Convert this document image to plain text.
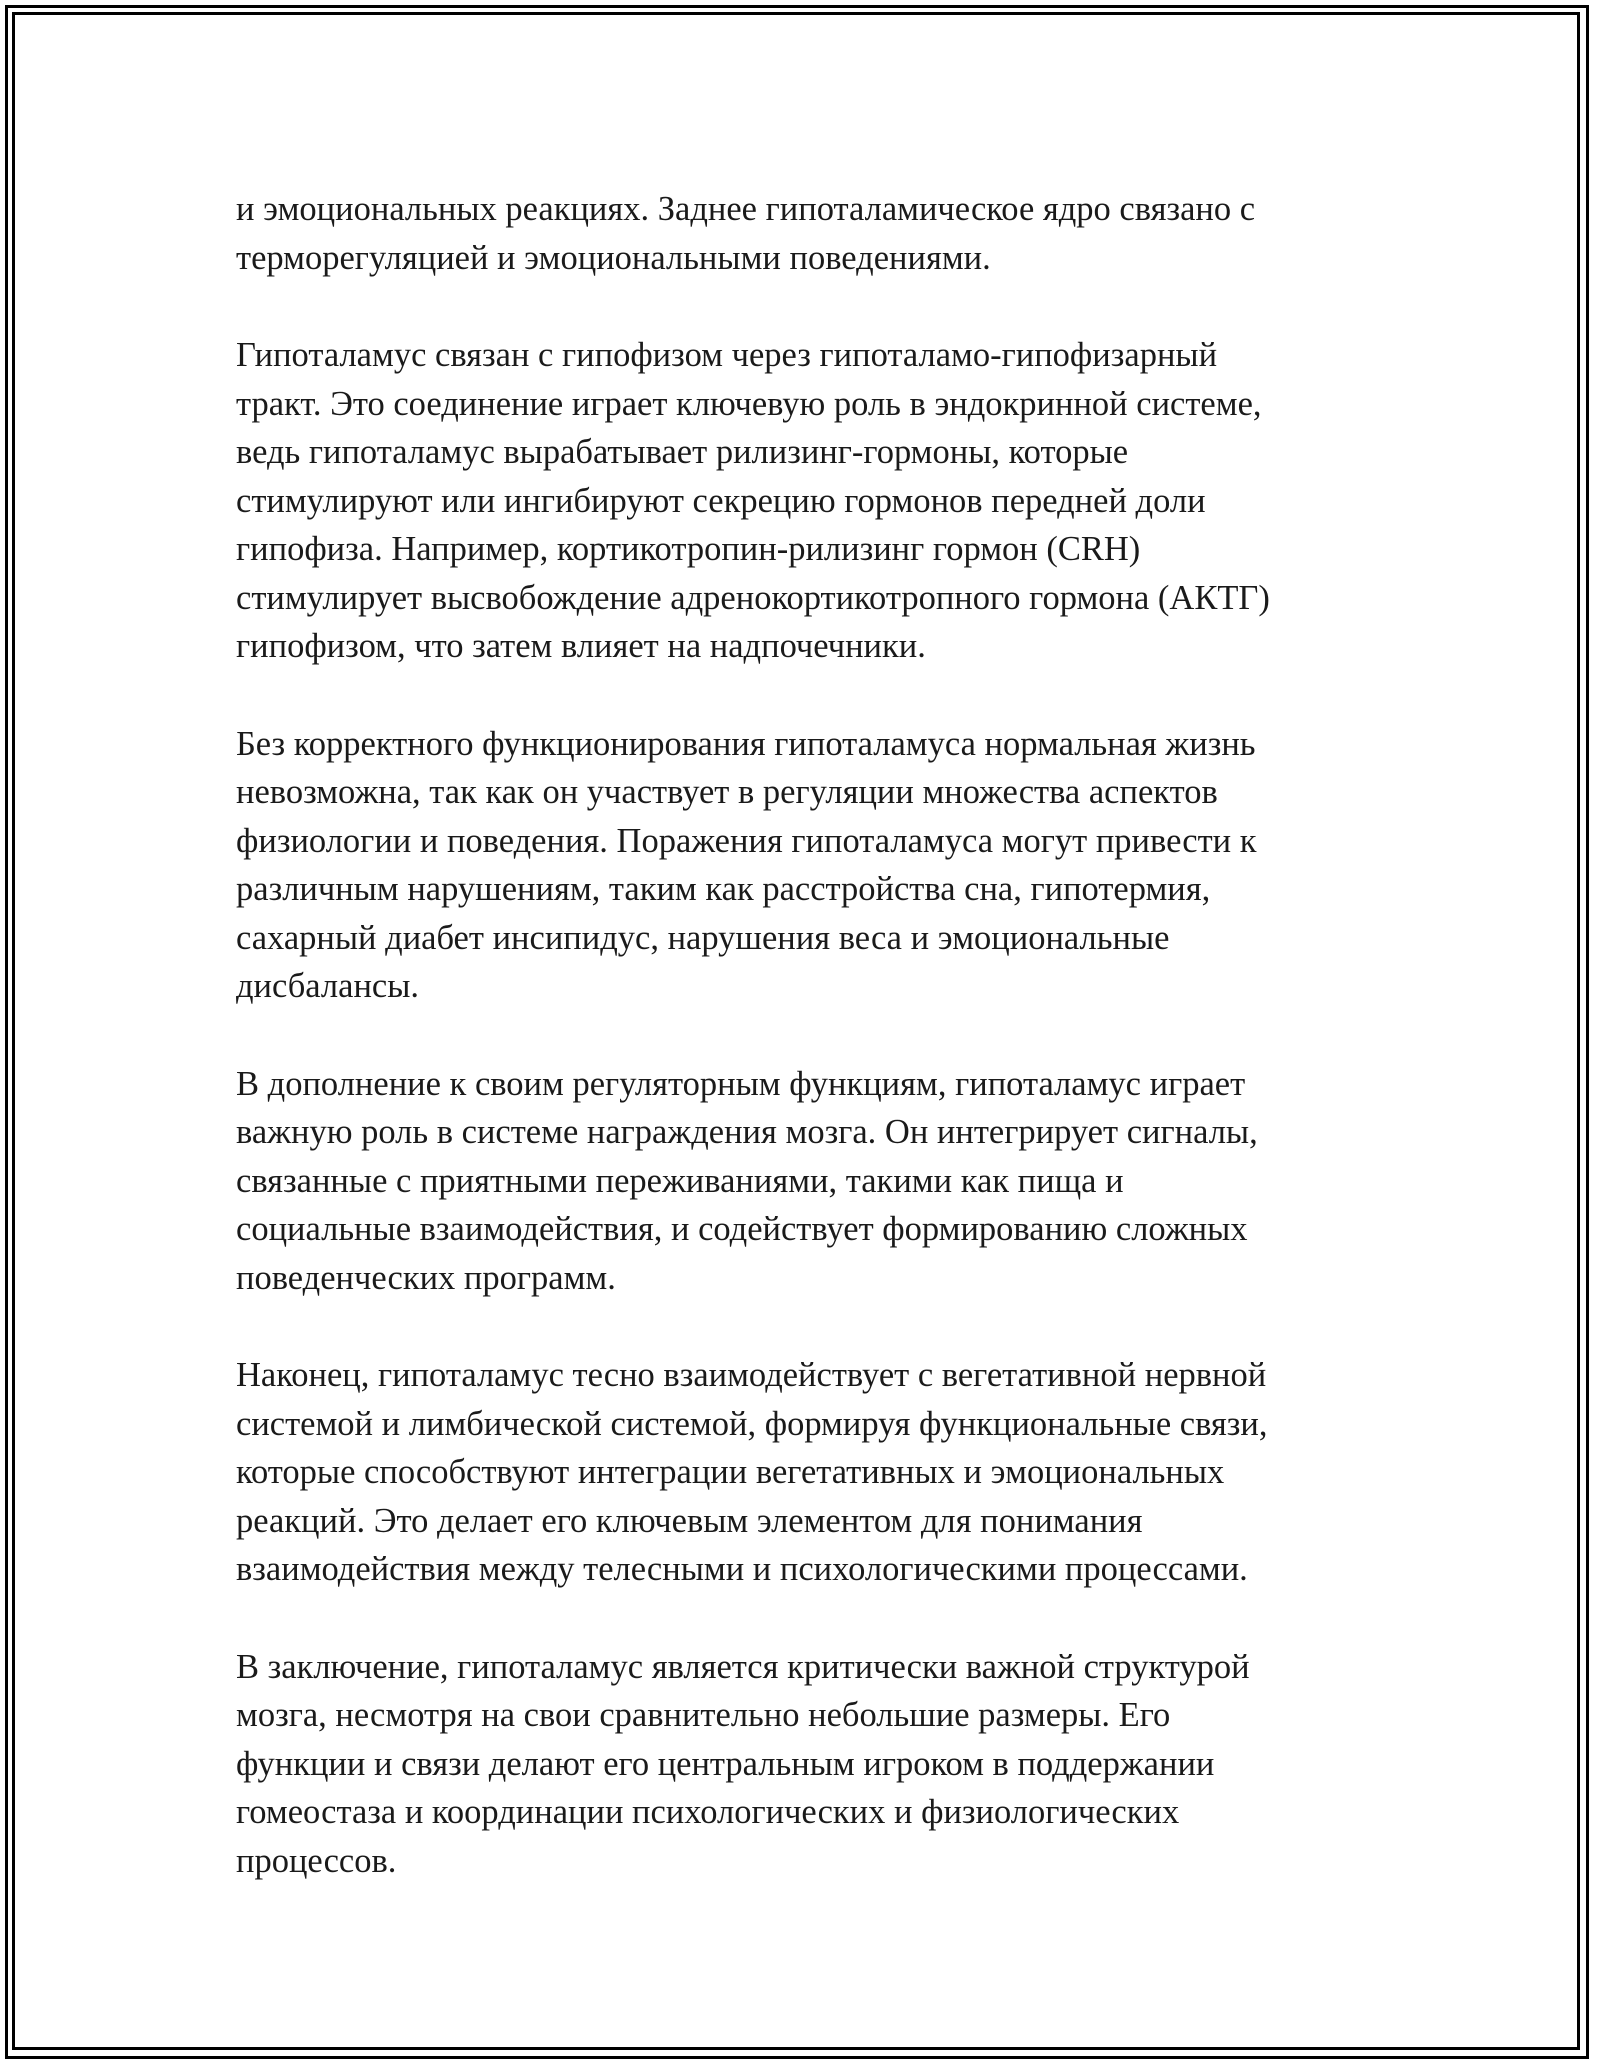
и эмоциональных реакциях. Заднее гипоталамическое ядро связано с
терморегуляцией и эмоциональными поведениями.

Гипоталамус связан с гипофизом через гипоталамо-гипофизарный
тракт. Это соединение играет ключевую роль в эндокринной системе,
ведь гипоталамус вырабатывает рилизинг-гормоны, которые
стимулируют или ингибируют секрецию гормонов передней доли
гипофиза. Например, кортикотропин-рилизинг гормон (CRH)
стимулирует высвобождение адренокортикотропного гормона (АКТГ)
гипофизом, что затем влияет на надпочечники.

Без корректного функционирования гипоталамуса нормальная жизнь
невозможна, так как он участвует в регуляции множества аспектов
физиологии и поведения. Поражения гипоталамуса могут привести к
различным нарушениям, таким как расстройства сна, гипотермия,
сахарный диабет инсипидус, нарушения веса и эмоциональные
дисбалансы.

В дополнение к своим регуляторным функциям, гипоталамус играет
важную роль в системе награждения мозга. Он интегрирует сигналы,
связанные с приятными переживаниями, такими как пища и
социальные взаимодействия, и содействует формированию сложных
поведенческих программ.

Наконец, гипоталамус тесно взаимодействует с вегетативной нервной
системой и лимбической системой, формируя функциональные связи,
которые способствуют интеграции вегетативных и эмоциональных
реакций. Это делает его ключевым элементом для понимания
взаимодействия между телесными и психологическими процессами.

В заключение, гипоталамус является критически важной структурой
мозга, несмотря на свои сравнительно небольшие размеры. Его
функции и связи делают его центральным игроком в поддержании
гомеостаза и координации психологических и физиологических
процессов.
